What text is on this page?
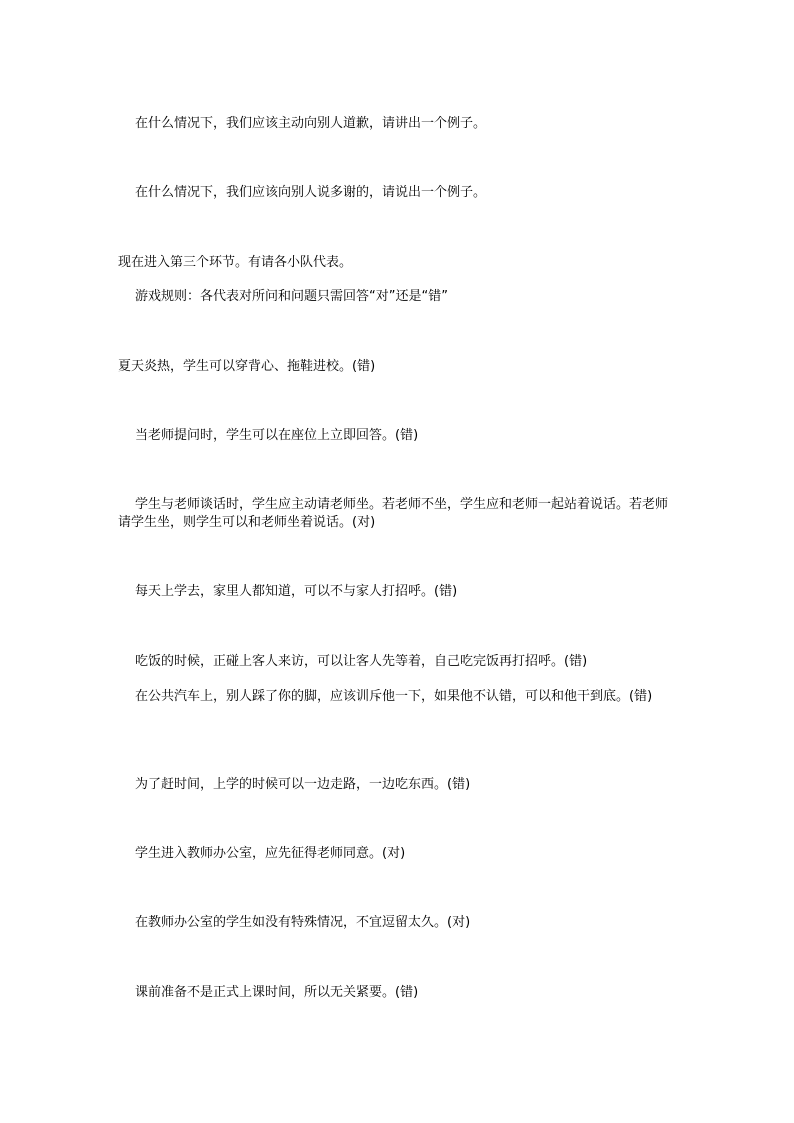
在什么情况下，我们应该主动向别人道歉，请讲出一个例子。
在什么情况下，我们应该向别人说多谢的，请说出一个例子。
现在进入第三个环节。有请各小队代表。
游戏规则：各代表对所问和问题只需回答“对”还是“错”
夏天炎热，学生可以穿背心、拖鞋进校。(错)
当老师提问时，学生可以在座位上立即回答。(错)
学生与老师谈话时，学生应主动请老师坐。若老师不坐，学生应和老师一起站着说话。若老师请学生坐，则学生可以和老师坐着说话。(对)
每天上学去，家里人都知道，可以不与家人打招呼。(错)
吃饭的时候，正碰上客人来访，可以让客人先等着，自己吃完饭再打招呼。(错)
在公共汽车上，别人踩了你的脚，应该训斥他一下，如果他不认错，可以和他干到底。(错)
为了赶时间，上学的时候可以一边走路，一边吃东西。(错)
学生进入教师办公室，应先征得老师同意。(对)
在教师办公室的学生如没有特殊情况，不宜逗留太久。(对)
课前准备不是正式上课时间，所以无关紧要。(错)
